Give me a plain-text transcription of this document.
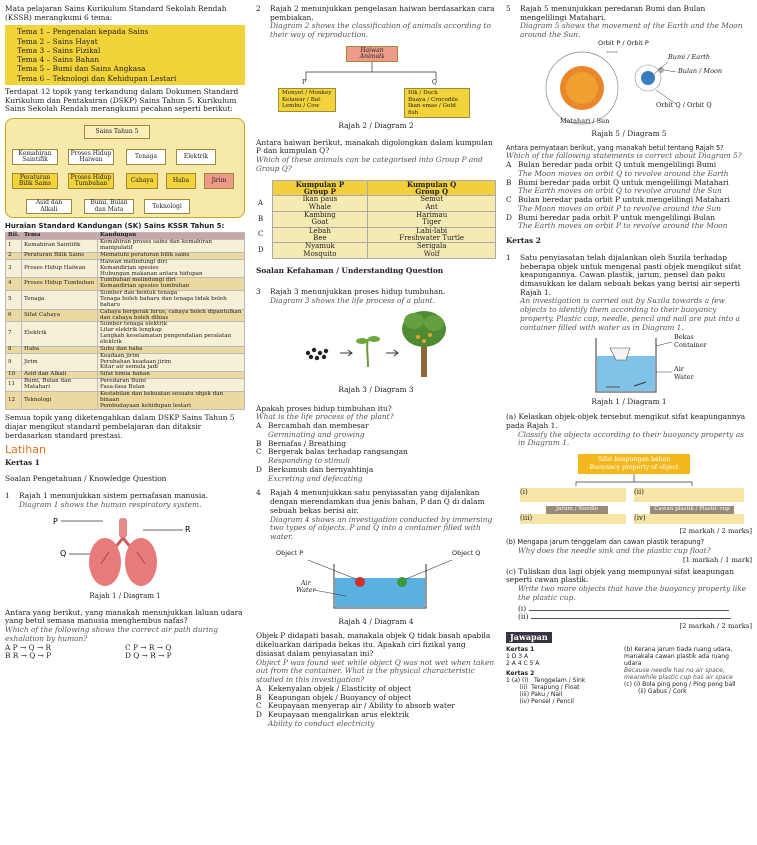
Mata pelajaran Sains Kurikulum Standard Sekolah Rendah (KSSR) merangkumi 6 tema:

Tema 1 – Pengenalan kepada Sains
Tema 2 – Sains Hayat
Tema 3 – Sains Fizikal
Tema 4 – Sains Bahan
Tema 5 – Bumi dan Sains Angkasa
Tema 6 – Teknologi dan Kehidupan Lestari

Terdapat 12 topik yang terkandung dalam Dokumen Standard Kurikulum dan Pentaksiran (DSKP) Sains Tahun 5. Kurikulum Sains Sekolah Rendah merangkumi pecahan seperti berikut:

Sains Tahun 5
Kemahiran Saintifik
Proses Hidup Haiwan	Tenaga	Elektrik
Peraturan Bilik Sains
Proses Hidup Tumbuhan	Cahaya	Haba	Jirim
Asid dan Alkali
Bumi, Bulan dan Mata	Teknologi

Huraian Standard Kandungan (SK) Sains KSSR Tahun 5:

Bil.	Tema	Kandungan
1	Kemahiran Saintifik	Kemahiran proses sains dan kemahiran manipulatif
2	Peraturan Bilik Sains	Mematuhi peraturan bilik sains
3	Proses Hidup Haiwan	Haiwan melindungi diri
Kemandirian spesies
Hubungan makanan antara hidupan
4	Proses Hidup Tumbuhan	Tumbuhan melindungi diri
Kemandirian spesies tumbuhan
5	Tenaga	Sumber dan bentuk tenaga
Tenaga boleh baharu dan tenaga tidak boleh baharu
6	Sifat Cahaya	Cahaya bergerak lurus, cahaya boleh dipantulkan dan cahaya boleh dibias
7	Elektrik	Sumber tenaga elektrik
Litar elektrik lengkap
Langkah keselamatan pengendalian peralatan elektrik
8	Haba	Suhu dan haba
9	Jirim	Keadaan jirim
Perubahan keadaan jirim
Kitar air semula jadi
10	Asid dan Alkali	Sifat kimia bahan
11	Bumi, Bulan dan Matahari	Peredaran Bumi
Fasa-fasa Bulan
12	Teknologi	Kestabilan dan kekuatan sesuatu objek dan binaan
Pembudayaan kehidupan lestari

Semua topik yang diketengahkan dalam DSKP Sains Tahun 5 diajar mengikut standard pembelajaran dan ditaksir berdasarkan standard prestasi.

Latihan

Kertas 1

Soalan Pengetahuan / Knowledge Question

1	Rajah 1 menunjukkan sistem pernafasan manusia.

Diagram 1 shows the human respiratory system.

P
R
Q

Rajah 1 / Diagram 1

Antara yang berikut, yang manakah menunjukkan laluan udara yang betul semasa manusia menghembus nafas?

Which of the following shows the correct air path during exhalation by human?

A P → Q → R	C P → R → Q
B R → Q → P	D Q → R → P
2	Rajah 2 menunjukkan pengelasan haiwan berdasarkan cara pembiakan.

Diagram 2 shows the classification of animals according to their way of reproduction.

Haiwan
Animals
P	Q
Monyet / Monkey
Kelawar / Bat
Lembu / Cow
Itik / Duck
Buaya / Crocodile
Ikan emas / Gold fish

Rajah 2 / Diagram 2

Antara haiwan berikut, manakah digolongkan dalam kumpulan P dan kumpulan Q?

Which of these animals can be categorised into Group P and Group Q?

	Kumpulan P
Group P	Kumpulan Q
Group Q
A	Ikan paus
Whale	Semut
Ant
B	Kambing
Goat	Harimau
Tiger
C	Lebah
Bee	Labi-labi
Freshwater Turtle
D	Nyamuk
Mosquito	Serigala
Wolf

Soalan Kefahaman / Understanding Question

3	Rajah 3 menunjukkan proses hidup tumbuhan.

Diagram 3 shows the life process of a plant.

Rajah 3 / Diagram 3

Apakah proses hidup tumbuhan itu?

What is the life process of the plant?

A Bercambah dan membesar
Germinating and growing
B Bernafas / Breathing
C Bergerak balas terhadap rangsangan
Responding to stimuli
D Berkumuh dan bernyahtinja
Excreting and defecating
4	Rajah 4 menunjukkan satu penyiasatan yang dijalankan dengan merendamkan dua jenis bahan, P dan Q di dalam sebuah bekas berisi air.

Diagram 4 shows an investigation conducted by immersing two types of objects, P and Q into a container filled with water.

Object P	Object Q
Air
Water

Rajah 4 / Diagram 4

Objek P didapati basah, manakala objek Q tidak basah apabila dikeluarkan daripada bekas itu. Apakah ciri fizikal yang disiasat dalam penyiasatan ini?

Object P was found wet while object Q was not wet when taken out from the container. What is the physical characteristic studied in this investigation?

A Kekenyalan objek / Elasticity of object
B Keapungan objek / Buoyancy of object
C Keupayaan menyerap air / Ability to absorb water
D Keupayaan mengalirkan arus elektrik
Ability to conduct electricity
5	Rajah 5 menunjukkan peredaran Bumi dan Bulan mengelilingi Matahari.

Diagram 5 shows the movement of the Earth and the Moon around the Sun.

Orbit P / Orbit P
Bumi / Earth
Bulan / Moon
Matahari / Sun
Orbit Q / Orbit Q

Rajah 5 / Diagram 5

Antara pernyataan berikut, yang manakah betul tentang Rajah 5?

Which of the following statements is correct about Diagram 5?

A Bulan beredar pada orbit Q untuk mengelilingi Bumi
The Moon moves on orbit Q to revolve around the Earth
B Bumi beredar pada orbit Q untuk mengelilingi Matahari
The Earth moves on orbit Q to revolve around the Sun
C Bulan beredar pada orbit P untuk mengelilingi Matahari
The Moon moves on orbit P to revolve around the Sun
D Bumi beredar pada orbit P untuk mengelilingi Bulan
The Earth moves on orbit P to revolve around the Moon

Kertas 2

1	Satu penyiasatan telah dijalankan oleh Suzila terhadap beberapa objek untuk mengenal pasti objek mengikut sifat keapungannya. Cawan plastik, jarum, pensel dan paku dimasukkan ke dalam sebuah bekas yang berisi air seperti Rajah 1.

An investigation is carried out by Suzila towards a few objects to identify them according to their buoyancy property. Plastic cup, needle, pencil and nail are put into a container filled with water as in Diagram 1.

Bekas
Container
Air
Water

Rajah 1 / Diagram 1

(a) Kelaskan objek-objek tersebut mengikut sifat keapungannya pada Rajah 1.

Classify the objects according to their buoyancy property as in Diagram 1.

Sifat keapungan bahan
Buoyancy property of object
(i)	(ii)
Jarum / Needle	Cawan plastik / Plastic cup
(iii)	(iv)

[2 markah / 2 marks]

(b) Mengapa jarum tenggelam dan cawan plastik terapung?

Why does the needle sink and the plastic cup float?

[1 markah / 1 mark]

(c) Tuliskan dua lagi objek yang mempunyai sifat keapungan seperti cawan plastik.

Write two more objects that have the buoyancy property like the plastic cup.

(i)
(ii)

[2 markah / 2 marks]

Jawapan
Kertas 1
1 D 3 A
2 A 4 C 5 A
Kertas 2
1 (a) (i)   Tenggelam / Sink
(ii)  Terapung / Float
(iii) Paku / Nail
(iv) Pensel / Pencil
(b) Kerana jarum tiada ruang udara, manakala cawan plastik ada ruang udara
Because needle has no air space, meanwhile plastic cup has air space
(c) (i) Bola ping pong / Ping pong ball
(ii) Gabus / Cork
